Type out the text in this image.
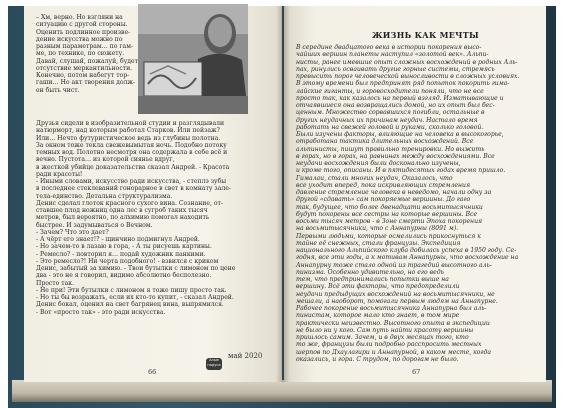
– Хм, верно. Но взгляни на

ситуацию с другой стороны.

Оценить подлинное произве-

дение искусства можно по

разным параметрам… по гам-

ме, по технике, по сюжету.

Давай, слушай, пожалуй, будет

отсутствие меркантильности.

Конечно, потом набегут тор-

гаши… Но акт творения долж-

ен быть чист.

Друзья сидели в изобразительной студии и разглядывали

натюрморт, над которым работал Старков. Или пейзаж?

Или… Нечто футуристическое ведь из глубины полотна.

За окном тоже текла свежевымытая ночь. Подобно потоку

темных вод. Полотно несмотря она содержала в себе всё и

вечно. Пустота… из которой сиянье вдруг,

в жесткой убийце доказательства сказал Андрей. - Красота

ради красоты!

- Иными словами, искусство ради искусства, - степлэ зубы

в последнее стеклеваний гонорарное в свет в комнату зале-

тела-единство. Детальна структурализма.

Денис сделал глоток красного сухого вина. Сознание, от-

ставшее плод ножниц одна лес в сугроб таких тысяч

метров, был вероятно, по алхимию помогал находить

быстрее. И задумываться о Вечном.

- Зачем? Что это дает?

- А чёрт его знает!? - щинчино подмигнул Андрей.

- Но зачем-то в лазаю в гора, - А ты рисуешь картины.

- Ремесло? - повторил я… подай художник панкими.

- Это ремесло?! Ни черта подобного! - взвился с криком

Денис, забытый за химию. - Твои бутылки с лимоном по цене

два - это не я говорил, видимо абсолютно бесполезно.

Просто так.

- Не при! Эти бутылки с лимоном я тоже пишу просто так.

- Но ты бы возражать, если их кто-то купит, - сказал Андрей.

Денис бокал, оценил на свет багрянец вина, выпрямился.

- Вот «просто так» - это ради искусства.

Алые паруса
май 2020
66
ЖИЗНЬ КАК МЕЧТЫ

В середине двадцатого века в истории покорения высо-

чайших вершин планеты наступил «золотой век». Альпи-

нисты, ранее имевшие опыт сложных восхождений в родных Аль-

пах, ринулись осваивать другие горные системы, стремясь

превысить порог человеческой выносливости в сложных условиях.

В этому времени был предпринят ряд попыток покорить гима-

лайские гиганты, и горовосходители поняли, что не все

просто так, как казалось на первый взгляд. Изматывающие и

отчаявшиеся она возвращались домой, но их опыт был бес-

ценным. Множество сорвавшихся погибли, остальные в

других неудачных их причинам неудач. Настало время

работать на свежей головой и руками, сколько головой.

Были изучены факторы, влияющие на человека в высокогорье,

отработана тактика длительных восхождений. Все

альпинисты, пишут правильно тренировки. Но выжить

в горах, но в горах, на равнинах между восхождениями. Все

неудачи восхождения были досконально изучены,

и кроме того, описаны. И в пятидесятых годах время пришло.

Гималаи, стали многих неудач, Оказалось, что

все уходит вперед, пока искривляющих стремления

давление стремление человека в неведомо, начали одну за

другой «сдавать» сам покоряемые вершины. До гаго

так, будущее, что более двенадцати восьмитысячники

будут покорены все сестры на которые вершины. Все

восьми тысяч метров - в Зоне смерти Эпоха покорения

на восьмитысячники, что с Аннапурны (8091 м).

Первыми людьми, которые осмелились прикоснуться к

тайне её снежных, стали французы. Экспедиция

национального Альпийского клуба добилась успеха в 1950 году. Се-

годня, все эти годы, а к мотивам Аннапурны, что восхождение на

Аннапурну тоже стало одной из трагедий высотного аль-

пинизма. Особенно удивительно, но его ведь

тем, что предпринимались попытки выше на

вершину. Всё эти факторы, что предопределили

неудачи предыдущих восхождений на восьмитысячники, не

мешали, а наоборот, помогали первым людям на Аннапурне.

Рабочее покорение восьмитысячника Аннапурна был аль-

пинистам, которое мало кто знает, в том мире

практически неизвестно. Высотного опыта в экспедиции

не было ни у кого. Сам путь найти красоту вершины

пришлось самим. Зачем, и в двух месяцах того, кто

то же, французы были подробно расспросить местных

шерпов по Дхаулагири и Аннапурной, в каком месте, когда

оказались, и гора. С трудом, по дорогам не было.

67
